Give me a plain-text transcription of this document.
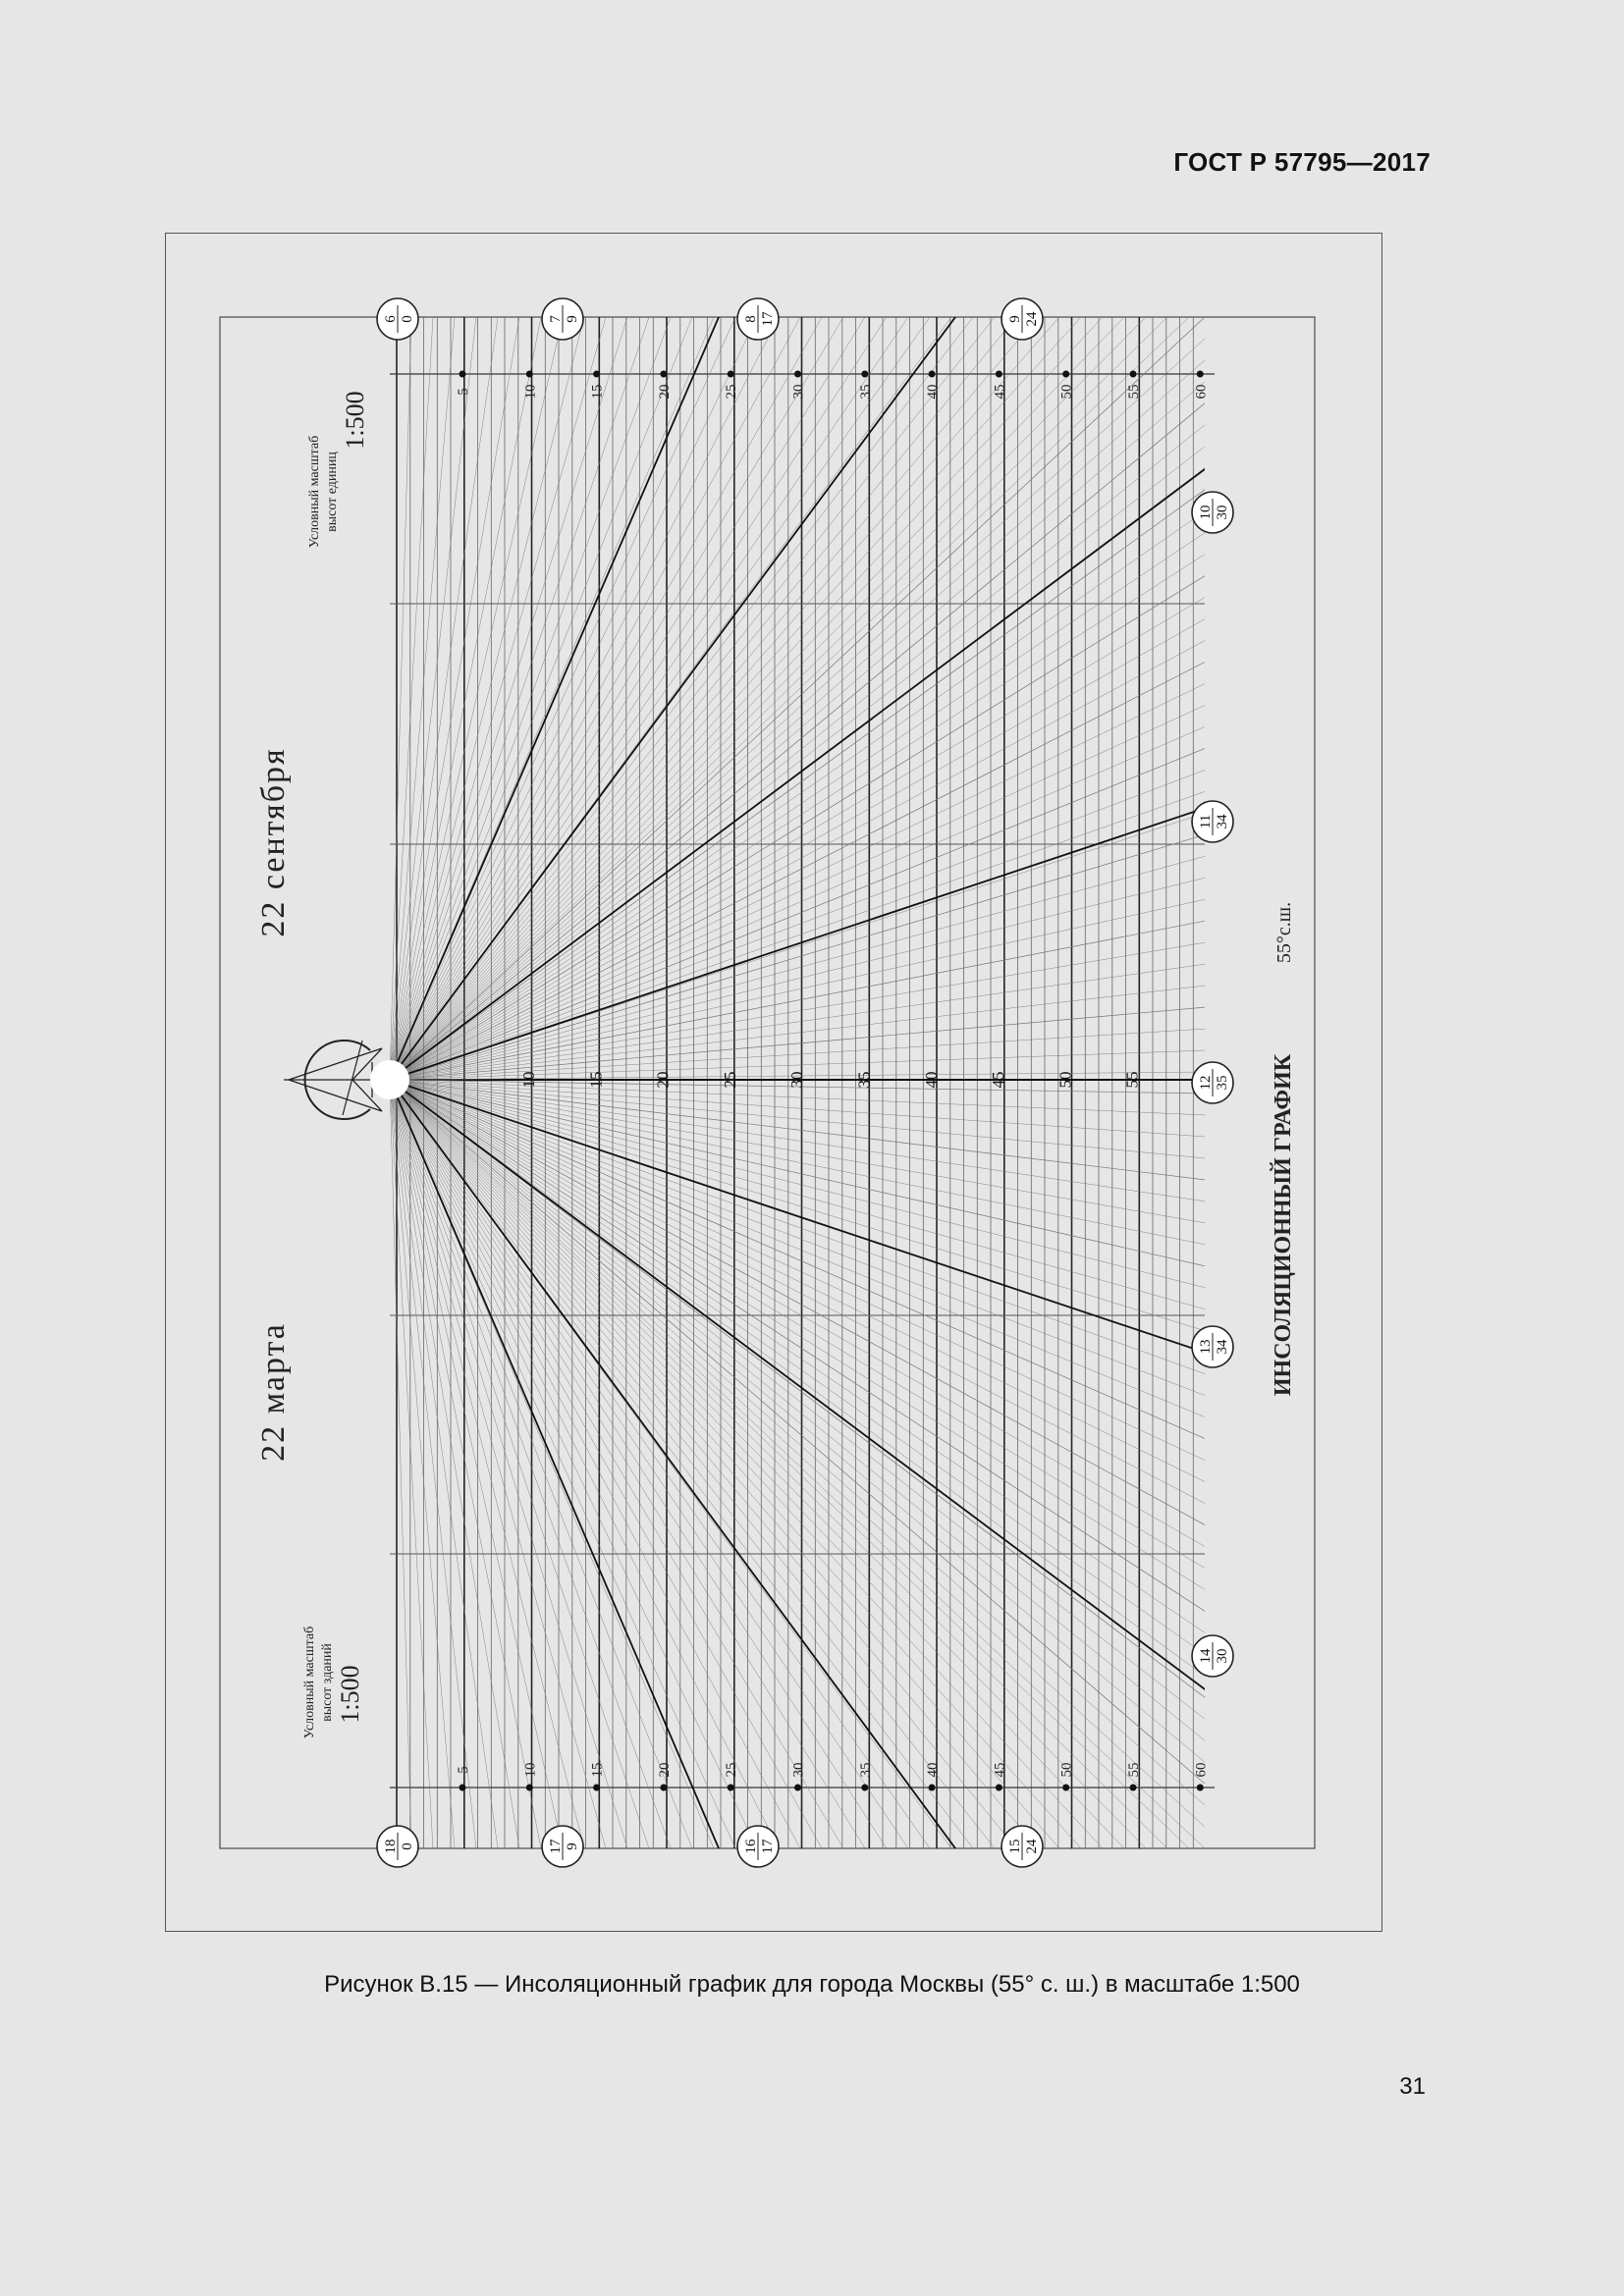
ГОСТ Р 57795—2017
5
5
10
10
15
15
20
20
25
25
30
30
35
35
40
40
45
45
50
50
55
55
60
60
10	15	20	25	30	35	40	45	50	55
22 сентября
22 марта
Условный масштаб высот единиц
1:500
Условный масштаб высот зданий 1:500
ИНСОЛЯЦИОННЫЙ ГРАФИК
55°с.ш.
6 0	7 9	8 17	9 24
18 0	17 9	16 17	15 24
10 30
11 34
12 35
13 34
14 30
Рисунок В.15 — Инсоляционный график для города Москвы (55° с. ш.) в масштабе 1:500
31
